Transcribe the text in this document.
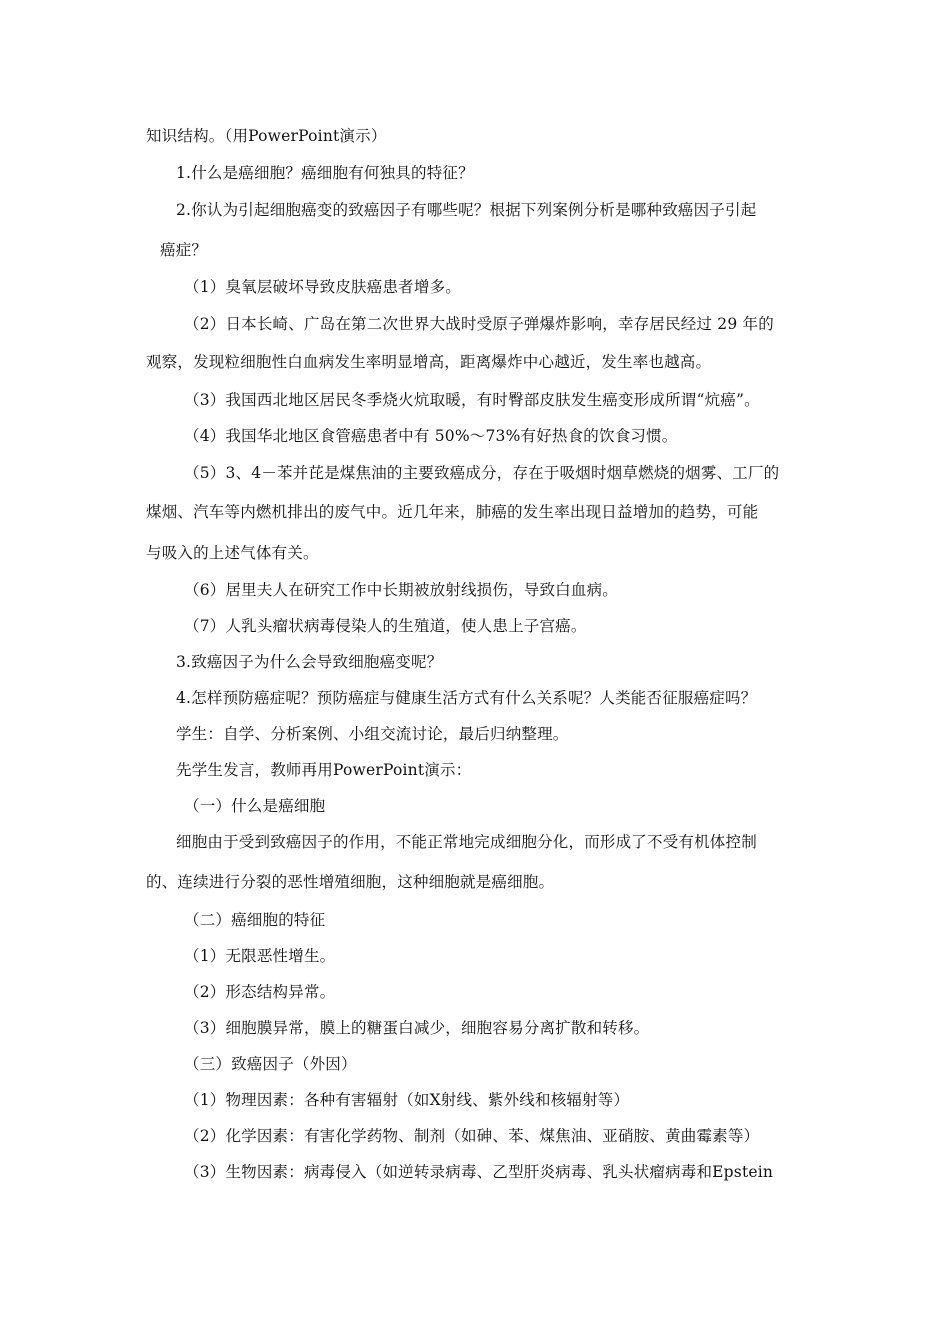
知识结构。（用PowerPoint演示）
1.什么是癌细胞？癌细胞有何独具的特征？
2.你认为引起细胞癌变的致癌因子有哪些呢？根据下列案例分析是哪种致癌因子引起
癌症？
（1）臭氧层破坏导致皮肤癌患者增多。
（2）日本长崎、广岛在第二次世界大战时受原子弹爆炸影响，幸存居民经过 29 年的
观察，发现粒细胞性白血病发生率明显增高，距离爆炸中心越近，发生率也越高。
（3）我国西北地区居民冬季烧火炕取暖，有时臀部皮肤发生癌变形成所谓“炕癌”。
（4）我国华北地区食管癌患者中有 50%～73%有好热食的饮食习惯。
（5）3、4－苯并芘是煤焦油的主要致癌成分，存在于吸烟时烟草燃烧的烟雾、工厂的
煤烟、汽车等内燃机排出的废气中。近几年来，肺癌的发生率出现日益增加的趋势，可能
与吸入的上述气体有关。
（6）居里夫人在研究工作中长期被放射线损伤，导致白血病。
（7）人乳头瘤状病毒侵染人的生殖道，使人患上子宫癌。
3.致癌因子为什么会导致细胞癌变呢？
4.怎样预防癌症呢？预防癌症与健康生活方式有什么关系呢？人类能否征服癌症吗？
学生：自学、分析案例、小组交流讨论，最后归纳整理。
先学生发言，教师再用PowerPoint演示：
（一）什么是癌细胞
细胞由于受到致癌因子的作用，不能正常地完成细胞分化，而形成了不受有机体控制
的、连续进行分裂的恶性增殖细胞，这种细胞就是癌细胞。
（二）癌细胞的特征
（1）无限恶性增生。
（2）形态结构异常。
（3）细胞膜异常，膜上的糖蛋白减少，细胞容易分离扩散和转移。
（三）致癌因子（外因）
（1）物理因素：各种有害辐射（如X射线、紫外线和核辐射等）
（2）化学因素：有害化学药物、制剂（如砷、苯、煤焦油、亚硝胺、黄曲霉素等）
（3）生物因素：病毒侵入（如逆转录病毒、乙型肝炎病毒、乳头状瘤病毒和Epstein
